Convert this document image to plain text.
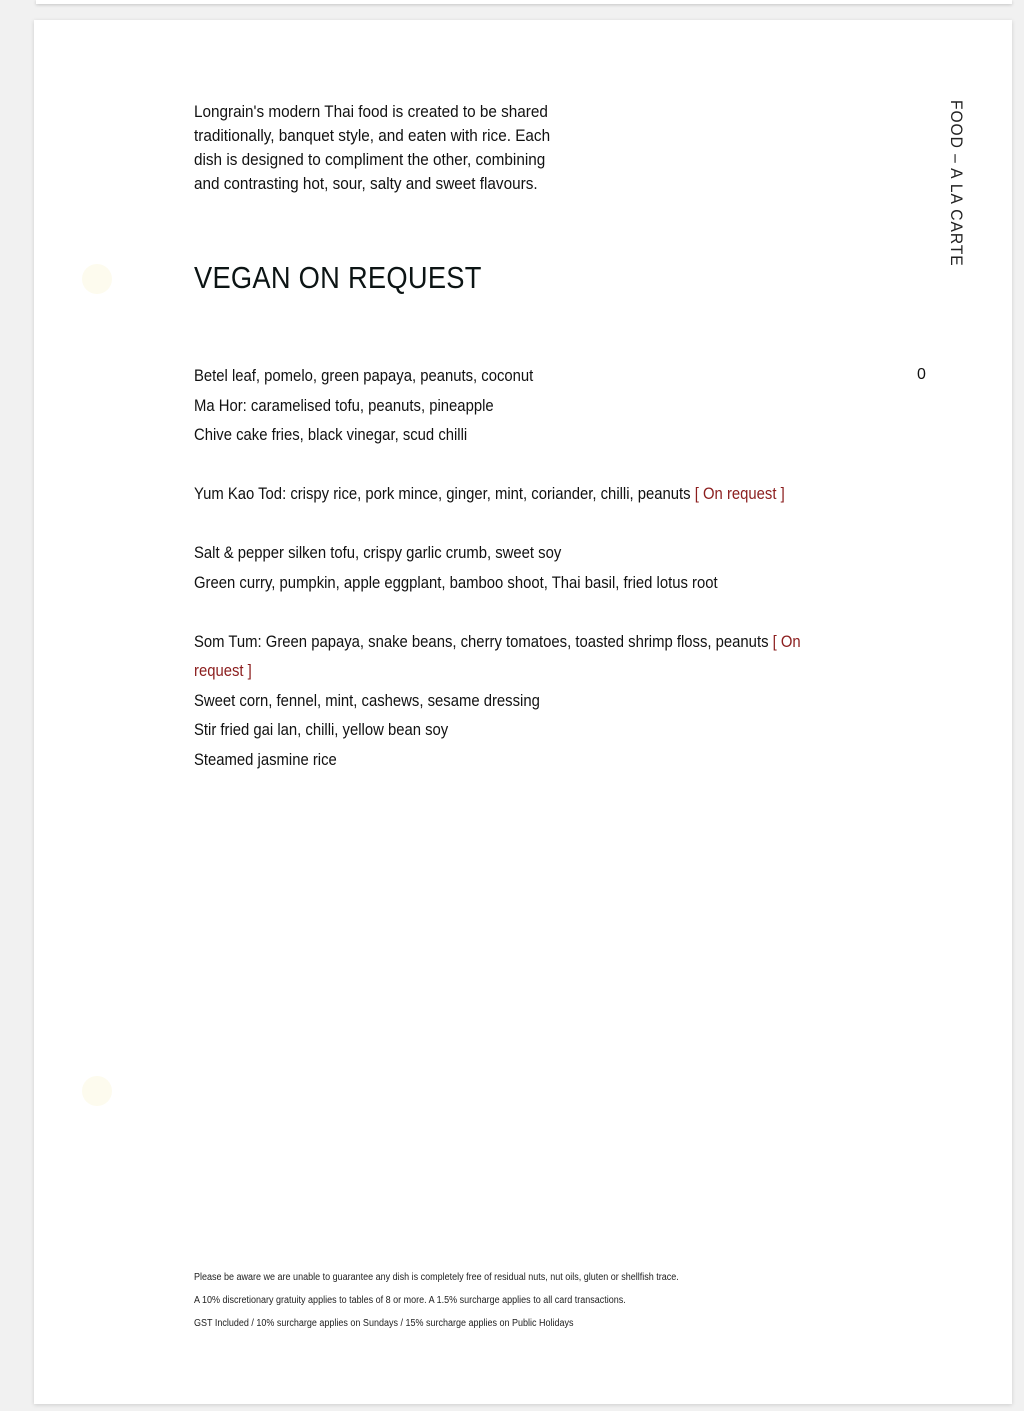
Longrain's modern Thai food is created to be shared traditionally, banquet style, and eaten with rice. Each dish is designed to compliment the other, combining and contrasting hot, sour, salty and sweet flavours.	FOOD – A LA CARTE
VEGAN ON REQUEST
0
Betel leaf, pomelo, green papaya, peanuts, coconut
Ma Hor: caramelised tofu, peanuts, pineapple
Chive cake fries, black vinegar, scud chilli
Yum Kao Tod: crispy rice, pork mince, ginger, mint, coriander, chilli, peanuts [ On request ]
Salt & pepper silken tofu, crispy garlic crumb, sweet soy
Green curry, pumpkin, apple eggplant, bamboo shoot, Thai basil, fried lotus root
Som Tum: Green papaya, snake beans, cherry tomatoes, toasted shrimp floss, peanuts [ On request ]
Sweet corn, fennel, mint, cashews, sesame dressing
Stir fried gai lan, chilli, yellow bean soy
Steamed jasmine rice
Please be aware we are unable to guarantee any dish is completely free of residual nuts, nut oils, gluten or shellfish trace.
A 10% discretionary gratuity applies to tables of 8 or more. A 1.5% surcharge applies to all card transactions.
GST Included / 10% surcharge applies on Sundays / 15% surcharge applies on Public Holidays
